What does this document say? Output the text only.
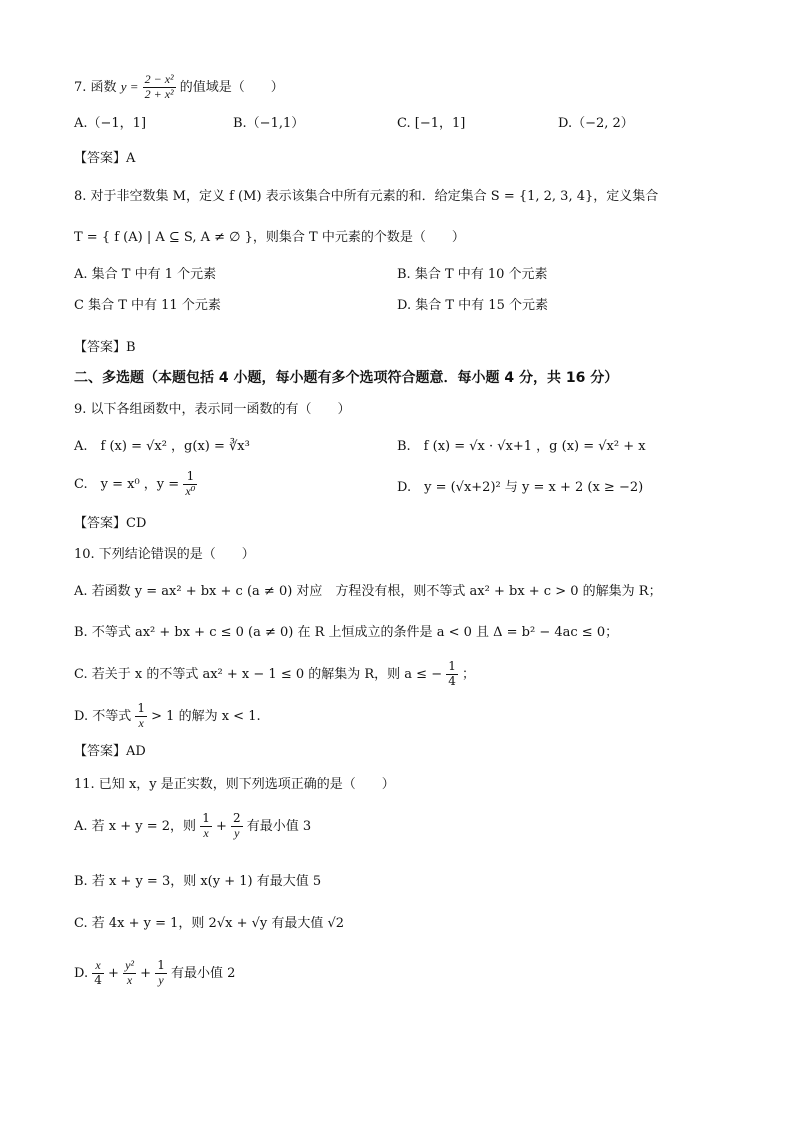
7. 函数 $y = \frac{\text{2 − x²}}{\text{2 + x²}}$ 的值域是（　　）
A.（−1，1]	B.（−1,1）	C. [−1，1]	D.（−2, 2）
【答案】A
8. 对于非空数集 M，定义 f (M) 表示该集合中所有元素的和．给定集合 S = {1, 2, 3, 4}，定义集合
T = { f (A) | A ⊆ S, A ≠ ∅ }，则集合 T 中元素的个数是（　　）
A. 集合 T 中有 1 个元素	B. 集合 T 中有 10 个元素
C 集合 T 中有 11 个元素	D. 集合 T 中有 15 个元素
【答案】B
二、多选题（本题包括 4 小题，每小题有多个选项符合题意．每小题 4 分，共 16 分）
9. 以下各组函数中，表示同一函数的有（　　）
A.　f (x) = √x² ，g(x) = ∛x³	B.　f (x) = √x · √x+1 ，g (x) = √x² + x
C.　y = x⁰ ，$y = \frac{1}{\text{x⁰}}$	D.　y = (√x+2)² 与 y = x + 2 (x ≥ −2)
【答案】CD
10. 下列结论错误的是（　　）
A. 若函数 y = ax² + bx + c (a ≠ 0) 对应　方程没有根，则不等式 ax² + bx + c > 0 的解集为 R；
B. 不等式 ax² + bx + c ≤ 0 (a ≠ 0) 在 R 上恒成立的条件是 a < 0 且 Δ = b² − 4ac ≤ 0；
C. 若关于 x 的不等式 ax² + x − 1 ≤ 0 的解集为 R，则 a ≤ − $\frac{1}{4}$ ；
D. 不等式 $\frac{1}{x} > 1$ 的解为 x < 1.
【答案】AD
11. 已知 x，y 是正实数，则下列选项正确的是（　　）
A. 若 x + y = 2，则 $\frac{1}{x} + \frac{2}{y}$ 有最小值 3
B. 若 x + y = 3，则 x(y + 1) 有最大值 5
C. 若 4x + y = 1，则 2√x + √y 有最大值 √2
D. $\frac{x}{4} + \frac{\text{y²}}{x} + \frac{1}{y}$ 有最小值 2
